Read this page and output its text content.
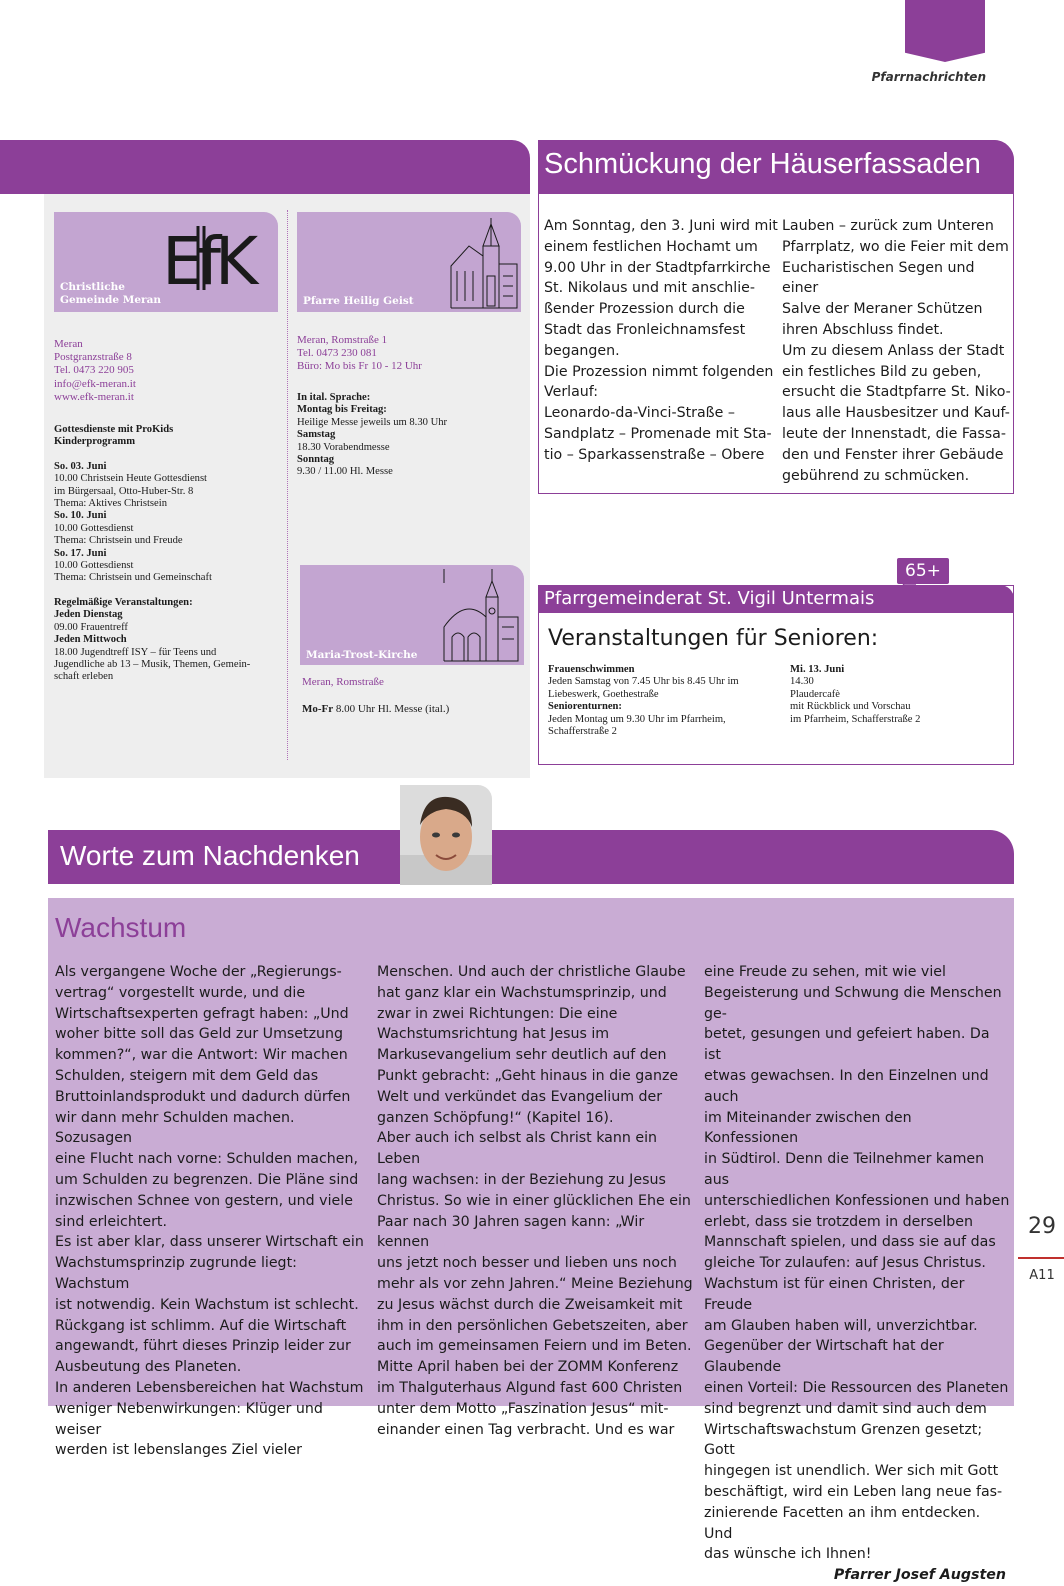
Pfarrnachrichten
EfK
Christliche
Gemeinde Meran
Meran
Postgranzstraße 8
Tel. 0473 220 905
info@efk-meran.it
www.efk-meran.it
Gottesdienste mit ProKids
Kinderprogramm
So. 03. Juni
10.00 Christsein Heute Gottesdienst
im Bürgersaal, Otto-Huber-Str. 8
Thema: Aktives Christsein
So. 10. Juni
10.00 Gottesdienst
Thema: Christsein und Freude
So. 17. Juni
10.00 Gottesdienst
Thema: Christsein und Gemeinschaft
Regelmäßige Veranstaltungen:
Jeden Dienstag
09.00 Frauentreff
Jeden Mittwoch
18.00 Jugendtreff ISY – für Teens und
Jugendliche ab 13 – Musik, Themen, Gemein-
schaft erleben
Pfarre Heilig Geist
Meran, Romstraße 1
Tel. 0473 230 081
Büro: Mo bis Fr 10 - 12 Uhr
In ital. Sprache:
Montag bis Freitag:
Heilige Messe jeweils um 8.30 Uhr
Samstag
18.30 Vorabendmesse
Sonntag
9.30 / 11.00 Hl. Messe
Maria-Trost-Kirche
Meran, Romstraße
Mo-Fr 8.00 Uhr Hl. Messe (ital.)
Schmückung der Häuserfassaden
Am Sonntag, den 3. Juni wird mit
einem festlichen Hochamt um
9.00 Uhr in der Stadtpfarrkirche
St. Nikolaus und mit anschlie-
ßender Prozession durch die
Stadt das Fronleichnamsfest
begangen.
Die Prozession nimmt folgenden
Verlauf:
Leonardo-da-Vinci-Straße –
Sandplatz – Promenade mit Sta-
tio – Sparkassenstraße – Obere
Lauben – zurück zum Unteren
Pfarrplatz, wo die Feier mit dem
Eucharistischen Segen und einer
Salve der Meraner Schützen
ihren Abschluss findet.
Um zu diesem Anlass der Stadt
ein festliches Bild zu geben,
ersucht die Stadtpfarre St. Niko-
laus alle Hausbesitzer und Kauf-
leute der Innenstadt, die Fassa-
den und Fenster ihrer Gebäude
gebührend zu schmücken.
65+
Pfarrgemeinderat St. Vigil Untermais
Veranstaltungen für Senioren:
Frauenschwimmen
Jeden Samstag von 7.45 Uhr bis 8.45 Uhr im
Liebeswerk, Goethestraße
Seniorenturnen:
Jeden Montag um 9.30 Uhr im Pfarrheim,
Schafferstraße 2
Mi. 13. Juni
14.30
Plaudercafè
mit Rückblick und Vorschau
im Pfarrheim, Schafferstraße 2
Worte zum Nachdenken
Wachstum
Als vergangene Woche der „Regierungs-
vertrag“ vorgestellt wurde, und die
Wirtschaftsexperten gefragt haben: „Und
woher bitte soll das Geld zur Umsetzung
kommen?“, war die Antwort: Wir machen
Schulden, steigern mit dem Geld das
Bruttoinlandsprodukt und dadurch dürfen
wir dann mehr Schulden machen. Sozusagen
eine Flucht nach vorne: Schulden machen,
um Schulden zu begrenzen. Die Pläne sind
inzwischen Schnee von gestern, und viele
sind erleichtert.
Es ist aber klar, dass unserer Wirtschaft ein
Wachstumsprinzip zugrunde liegt: Wachstum
ist notwendig. Kein Wachstum ist schlecht.
Rückgang ist schlimm. Auf die Wirtschaft
angewandt, führt dieses Prinzip leider zur
Ausbeutung des Planeten.
In anderen Lebensbereichen hat Wachstum
weniger Nebenwirkungen: Klüger und weiser
werden ist lebenslanges Ziel vieler
Menschen. Und auch der christliche Glaube
hat ganz klar ein Wachstumsprinzip, und
zwar in zwei Richtungen: Die eine
Wachstumsrichtung hat Jesus im
Markusevangelium sehr deutlich auf den
Punkt gebracht: „Geht hinaus in die ganze
Welt und verkündet das Evangelium der
ganzen Schöpfung!“ (Kapitel 16).
Aber auch ich selbst als Christ kann ein Leben
lang wachsen: in der Beziehung zu Jesus
Christus. So wie in einer glücklichen Ehe ein
Paar nach 30 Jahren sagen kann: „Wir kennen
uns jetzt noch besser und lieben uns noch
mehr als vor zehn Jahren.“ Meine Beziehung
zu Jesus wächst durch die Zweisamkeit mit
ihm in den persönlichen Gebetszeiten, aber
auch im gemeinsamen Feiern und im Beten.
Mitte April haben bei der ZOMM Konferenz
im Thalguterhaus Algund fast 600 Christen
unter dem Motto „Faszination Jesus“ mit-
einander einen Tag verbracht. Und es war
eine Freude zu sehen, mit wie viel
Begeisterung und Schwung die Menschen ge-
betet, gesungen und gefeiert haben. Da ist
etwas gewachsen. In den Einzelnen und auch
im Miteinander zwischen den Konfessionen
in Südtirol. Denn die Teilnehmer kamen aus
unterschiedlichen Konfessionen und haben
erlebt, dass sie trotzdem in derselben
Mannschaft spielen, und dass sie auf das
gleiche Tor zulaufen: auf Jesus Christus.
Wachstum ist für einen Christen, der Freude
am Glauben haben will, unverzichtbar.
Gegenüber der Wirtschaft hat der Glaubende
einen Vorteil: Die Ressourcen des Planeten
sind begrenzt und damit sind auch dem
Wirtschaftswachstum Grenzen gesetzt; Gott
hingegen ist unendlich. Wer sich mit Gott
beschäftigt, wird ein Leben lang neue fas-
zinierende Facetten an ihm entdecken. Und
das wünsche ich Ihnen!
Pfarrer Josef Augsten
29
A11
